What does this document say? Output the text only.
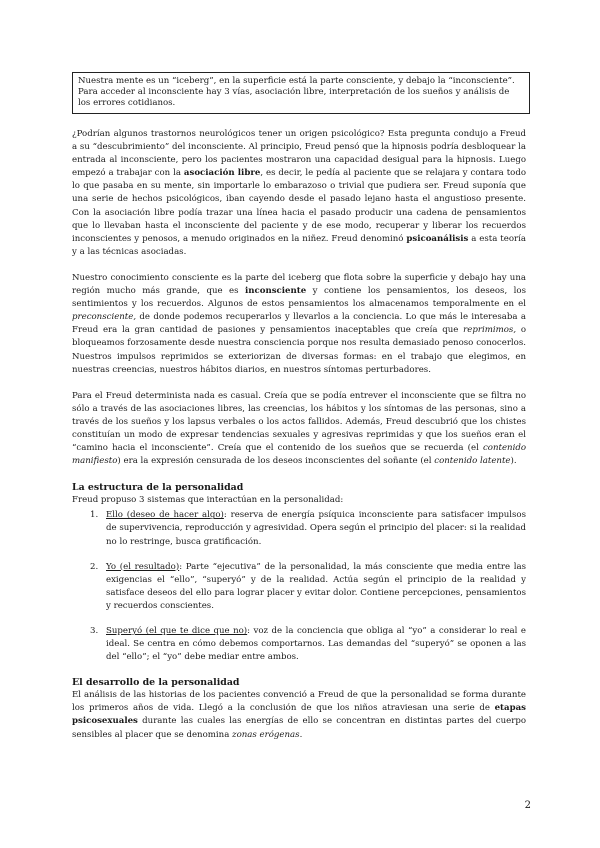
Nuestra mente es un “iceberg”, en la superficie está la parte consciente, y debajo la “inconsciente”. Para acceder al inconsciente hay 3 vías, asociación libre, interpretación de los sueños y análisis de los errores cotidianos.

¿Podrían algunos trastornos neurológicos tener un origen psicológico? Esta pregunta condujo a Freud a su “descubrimiento” del inconsciente. Al principio, Freud pensó que la hipnosis podría desbloquear la entrada al inconsciente, pero los pacientes mostraron una capacidad desigual para la hipnosis. Luego empezó a trabajar con la asociación libre, es decir, le pedía al paciente que se relajara y contara todo lo que pasaba en su mente, sin importarle lo embarazoso o trivial que pudiera ser. Freud suponía que una serie de hechos psicológicos, iban cayendo desde el pasado lejano hasta el angustioso presente. Con la asociación libre podía trazar una línea hacia el pasado producir una cadena de pensamientos que lo llevaban hasta el inconsciente del paciente y de ese modo, recuperar y liberar los recuerdos inconscientes y penosos, a menudo originados en la niñez. Freud denominó psicoanálisis a esta teoría y a las técnicas asociadas.

Nuestro conocimiento consciente es la parte del iceberg que flota sobre la superficie y debajo hay una región mucho más grande, que es inconsciente y contiene los pensamientos, los deseos, los sentimientos y los recuerdos. Algunos de estos pensamientos los almacenamos temporalmente en el preconsciente, de donde podemos recuperarlos y llevarlos a la conciencia. Lo que más le interesaba a Freud era la gran cantidad de pasiones y pensamientos inaceptables que creía que reprimimos, o bloqueamos forzosamente desde nuestra consciencia porque nos resulta demasiado penoso conocerlos. Nuestros impulsos reprimidos se exteriorizan de diversas formas: en el trabajo que elegimos, en nuestras creencias, nuestros hábitos diarios, en nuestros síntomas perturbadores.

Para el Freud determinista nada es casual. Creía que se podía entrever el inconsciente que se filtra no sólo a través de las asociaciones libres, las creencias, los hábitos y los síntomas de las personas, sino a través de los sueños y los lapsus verbales o los actos fallidos. Además, Freud descubrió que los chistes constituían un modo de expresar tendencias sexuales y agresivas reprimidas y que los sueños eran el “camino hacia el inconsciente”. Creía que el contenido de los sueños que se recuerda (el contenido manifiesto) era la expresión censurada de los deseos inconscientes del soñante (el contenido latente).

La estructura de la personalidad

Freud propuso 3 sistemas que interactúan en la personalidad:

1. Ello (deseo de hacer algo): reserva de energía psíquica inconsciente para satisfacer impulsos de supervivencia, reproducción y agresividad. Opera según el principio del placer: si la realidad no lo restringe, busca gratificación.
2. Yo (el resultado): Parte “ejecutiva” de la personalidad, la más consciente que media entre las exigencias el “ello”, “superyó” y de la realidad. Actúa según el principio de la realidad y satisface deseos del ello para lograr placer y evitar dolor. Contiene percepciones, pensamientos y recuerdos conscientes.
3. Superyó (el que te dice que no): voz de la conciencia que obliga al “yo” a considerar lo real e ideal. Se centra en cómo debemos comportarnos. Las demandas del “superyó” se oponen a las del “ello”; el “yo” debe mediar entre ambos.
El desarrollo de la personalidad

El análisis de las historias de los pacientes convenció a Freud de que la personalidad se forma durante los primeros años de vida. Llegó a la conclusión de que los niños atraviesan una serie de etapas psicosexuales durante las cuales las energías de ello se concentran en distintas partes del cuerpo sensibles al placer que se denomina zonas erógenas.

2
